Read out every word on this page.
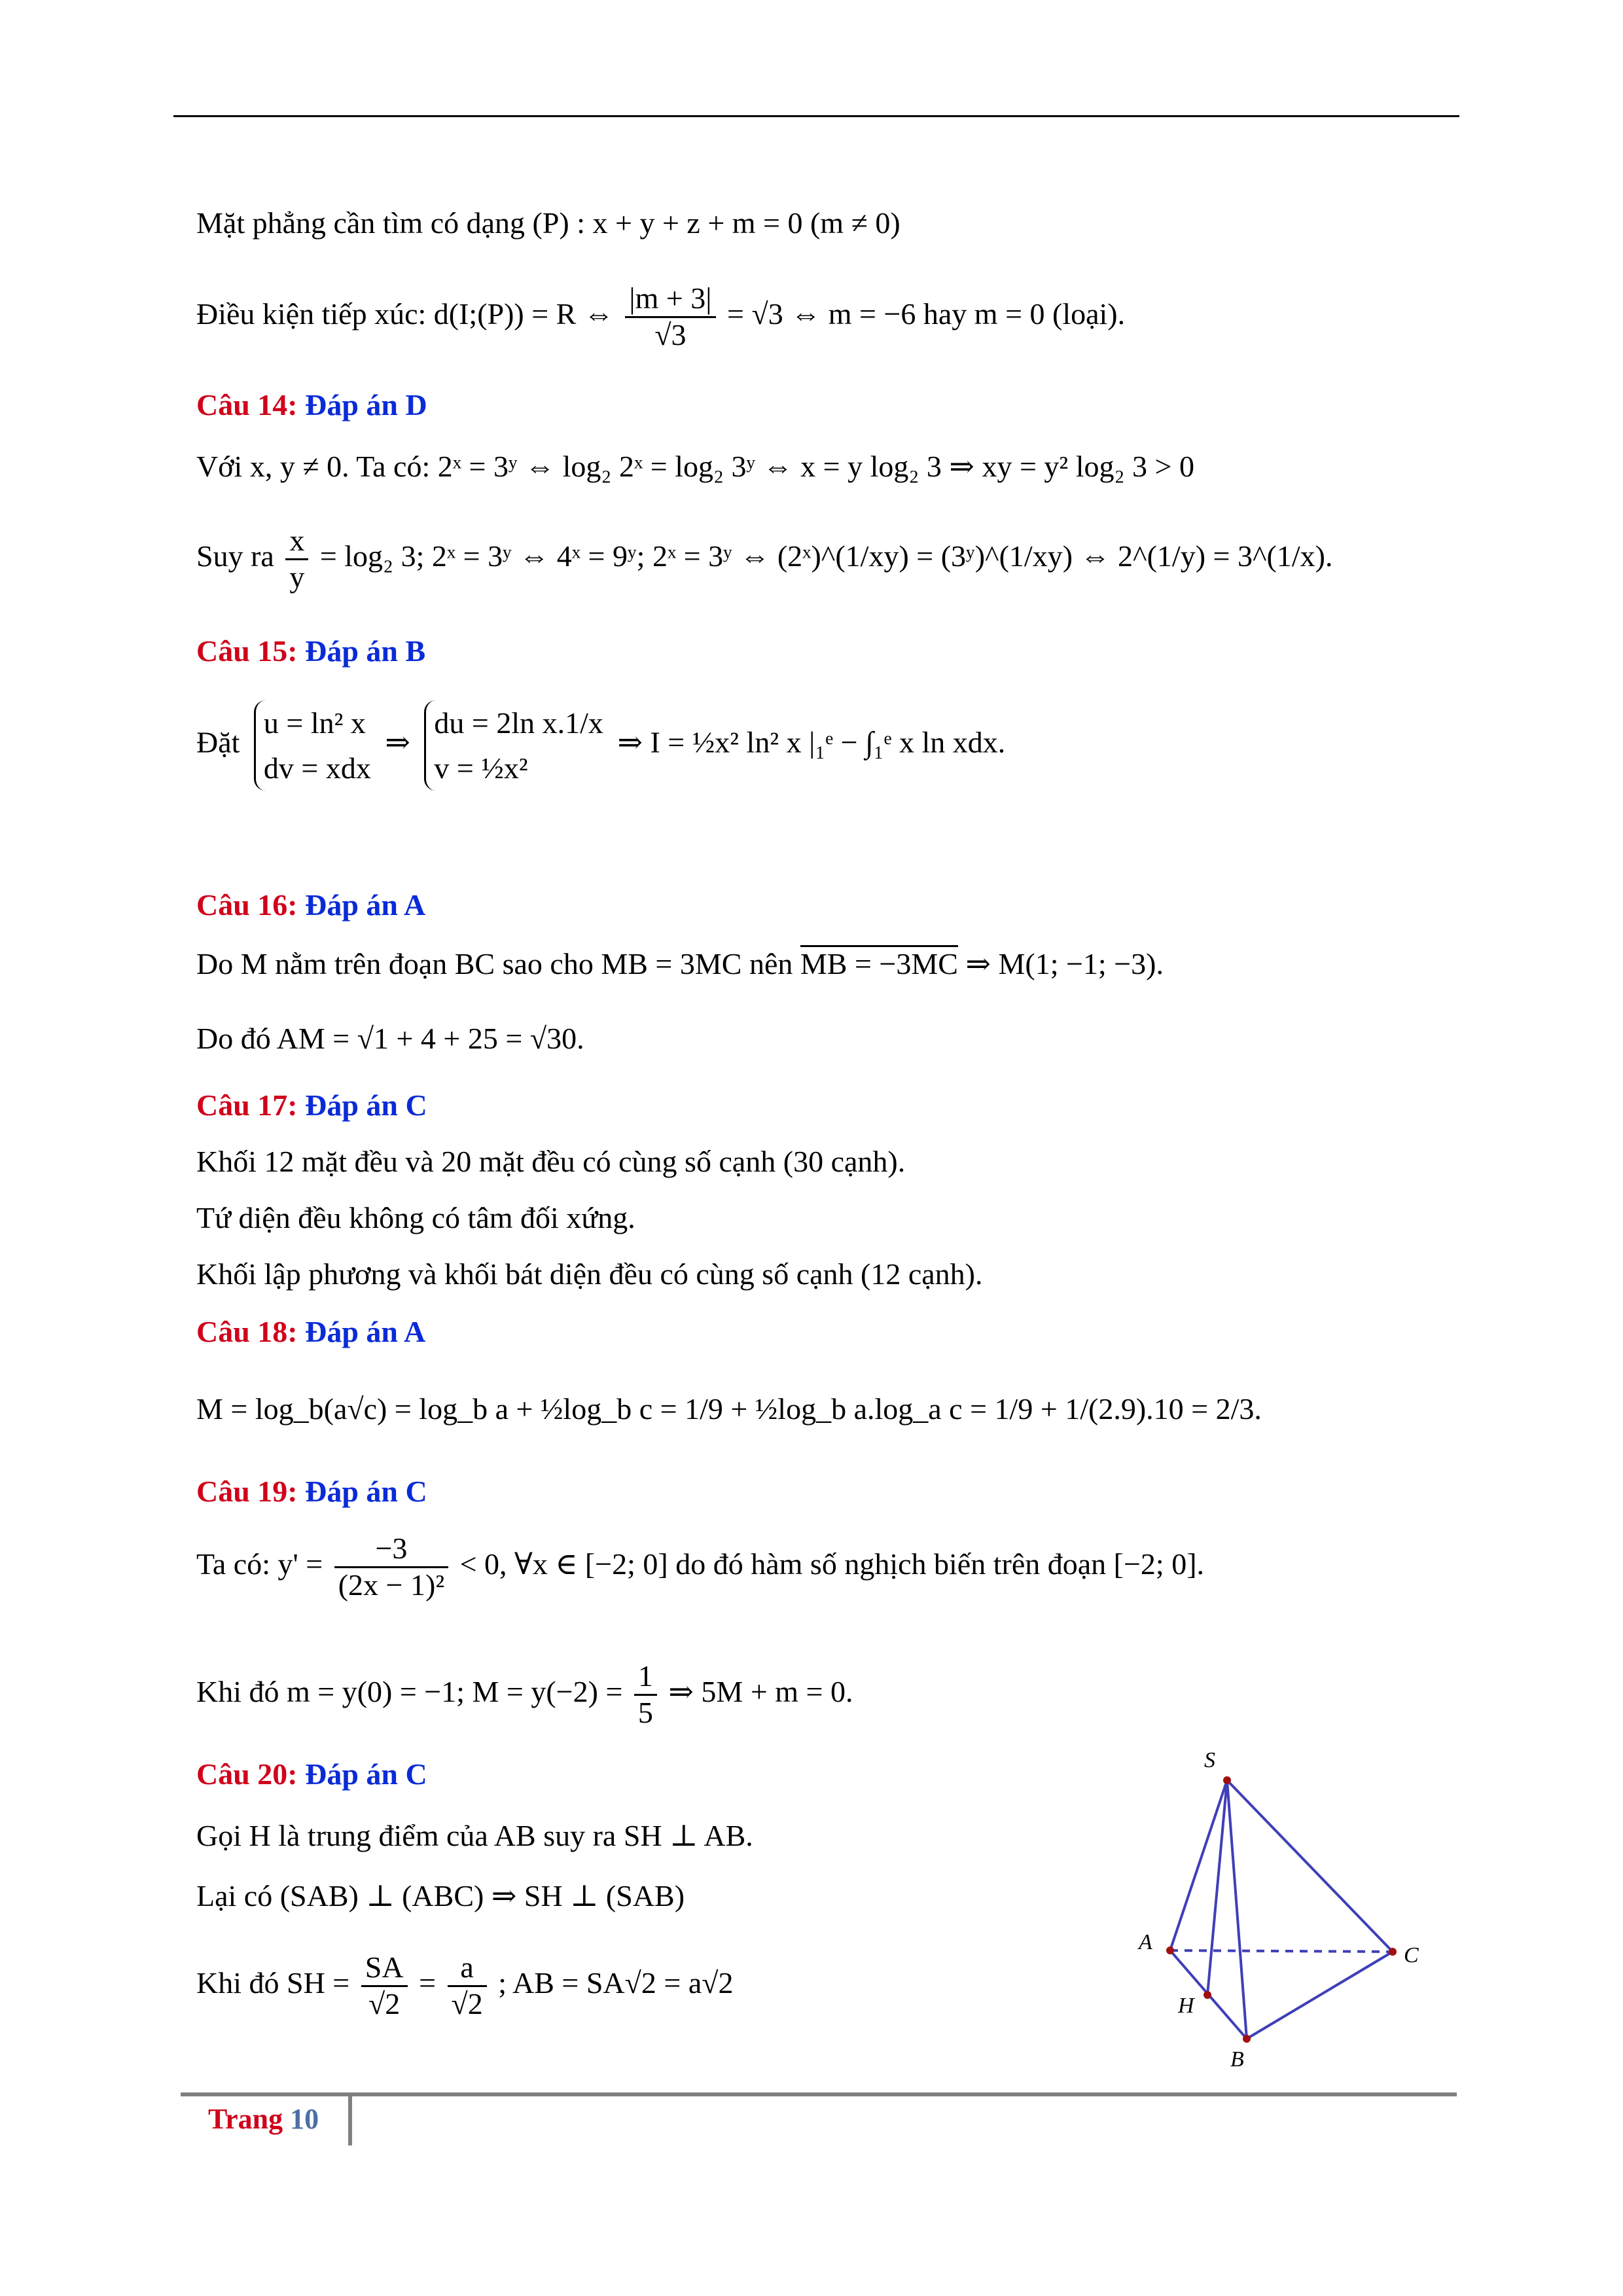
Mặt phẳng cần tìm có dạng (P) : x + y + z + m = 0 (m ≠ 0)
Điều kiện tiếp xúc: d(I;(P)) = R ⇔ $\frac{|m + 3|}{√3} = √3$ ⇔ m = −6 hay m = 0 (loại).
Câu 14: Đáp án D
Với x, y ≠ 0. Ta có: 2ˣ = 3ʸ ⇔ log₂ 2ˣ = log₂ 3ʸ ⇔ x = y log₂ 3 ⇒ xy = y² log₂ 3 > 0
Suy ra $\frac{x}{y} = \log_2$ 3; 2ˣ = 3ʸ ⇔ 4ˣ = 9ʸ; 2ˣ = 3ʸ ⇔ (2ˣ)^(1/xy) = (3ʸ)^(1/xy) ⇔ 2^(1/y) = 3^(1/x).
Câu 15: Đáp án B
Đặt
u = ln² x
dv = xdx
⇒
du = 2ln x.1/x
v = ½x²
⇒ I = ½x² ln² x |₁ᵉ − ∫₁ᵉ x ln xdx.
Câu 16: Đáp án A
Do M nằm trên đoạn BC sao cho MB = 3MC nên MB = −3MC ⇒ M(1; −1; −3).
Do đó AM = √1 + 4 + 25 = √30.
Câu 17: Đáp án C
Khối 12 mặt đều và 20 mặt đều có cùng số cạnh (30 cạnh).
Tứ diện đều không có tâm đối xứng.
Khối lập phương và khối bát diện đều có cùng số cạnh (12 cạnh).
Câu 18: Đáp án A
M = log_b(a√c) = log_b a + ½log_b c = 1/9 + ½log_b a.log_a c = 1/9 + 1/(2.9).10 = 2/3.
Câu 19: Đáp án C
Ta có: $y' = \frac{-3}{\text{(2x − 1)²}} < 0$, ∀x ∈ [−2; 0] do đó hàm số nghịch biến trên đoạn [−2; 0].
Khi đó m = y(0) = −1; $M = y(-2) = \frac{1}{5}$ ⇒ 5M + m = 0.
Câu 20: Đáp án C
Gọi H là trung điểm của AB suy ra SH ⊥ AB.
Lại có (SAB) ⊥ (ABC) ⇒ SH ⊥ (SAB)
Khi đó SH = $\frac{SA}{√2} = \frac{a}{√2}$ ; AB = SA√2 = a√2
S
A
C
H
B
Trang 10
